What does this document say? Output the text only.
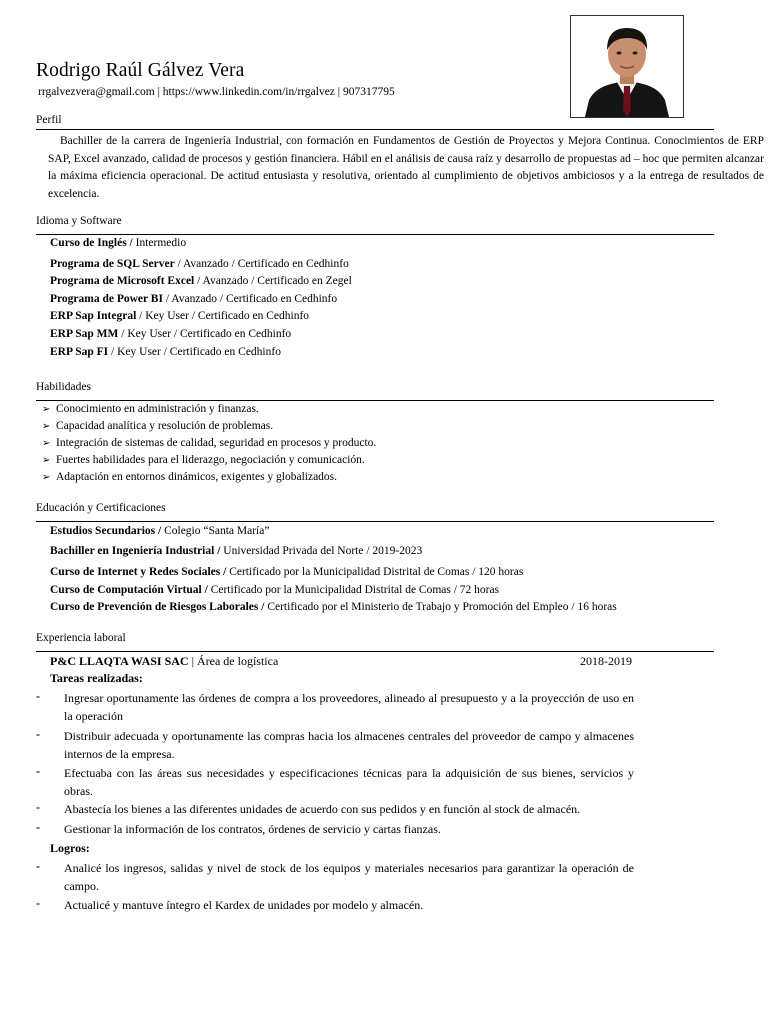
Rodrigo Raúl Gálvez Vera
rrgalvezvera@gmail.com | https://www.linkedin.com/in/rrgalvez | 907317795
Perfil
Bachiller de la carrera de Ingeniería Industrial, con formación en Fundamentos de Gestión de Proyectos y Mejora Continua. Conocimientos de ERP SAP, Excel avanzado, calidad de procesos y gestión financiera. Hábil en el análisis de causa raíz y desarrollo de propuestas ad – hoc que permiten alcanzar la máxima eficiencia operacional. De actitud entusiasta y resolutiva, orientado al cumplimiento de objetivos ambiciosos y a la entrega de resultados de excelencia.
Idioma y Software
Curso de Inglés / Intermedio
Programa de SQL Server / Avanzado / Certificado en Cedhinfo
Programa de Microsoft Excel / Avanzado / Certificado en Zegel
Programa de Power BI / Avanzado / Certificado en Cedhinfo
ERP Sap Integral / Key User / Certificado en Cedhinfo
ERP Sap MM / Key User / Certificado en Cedhinfo
ERP Sap FI / Key User / Certificado en Cedhinfo
Habilidades
➢ Conocimiento en administración y finanzas.
➢ Capacidad analítica y resolución de problemas.
➢ Integración de sistemas de calidad, seguridad en procesos y producto.
➢ Fuertes habilidades para el liderazgo, negociación y comunicación.
➢ Adaptación en entornos dinámicos, exigentes y globalizados.
Educación y Certificaciones
Estudios Secundarios / Colegio “Santa María”
Bachiller en Ingeniería Industrial / Universidad Privada del Norte / 2019-2023
Curso de Internet y Redes Sociales / Certificado por la Municipalidad Distrital de Comas / 120 horas
Curso de Computación Virtual / Certificado por la Municipalidad Distrital de Comas / 72 horas
Curso de Prevención de Riesgos Laborales / Certificado por el Ministerio de Trabajo y Promoción del Empleo / 16 horas
Experiencia laboral
P&C LLAQTA WASI SAC | Área de logística	2018-2019
Tareas realizadas:
- Ingresar oportunamente las órdenes de compra a los proveedores, alineado al presupuesto y a la proyección de uso en la operación
- Distribuir adecuada y oportunamente las compras hacia los almacenes centrales del proveedor de campo y almacenes internos de la empresa.
- Efectuaba con las áreas sus necesidades y especificaciones técnicas para la adquisición de sus bienes, servicios y obras.
- Abastecía los bienes a las diferentes unidades de acuerdo con sus pedidos y en función al stock de almacén.
- Gestionar la información de los contratos, órdenes de servicio y cartas fianzas.
Logros:
- Analicé los ingresos, salidas y nivel de stock de los equipos y materiales necesarios para garantizar la operación de campo.
- Actualicé y mantuve íntegro el Kardex de unidades por modelo y almacén.
